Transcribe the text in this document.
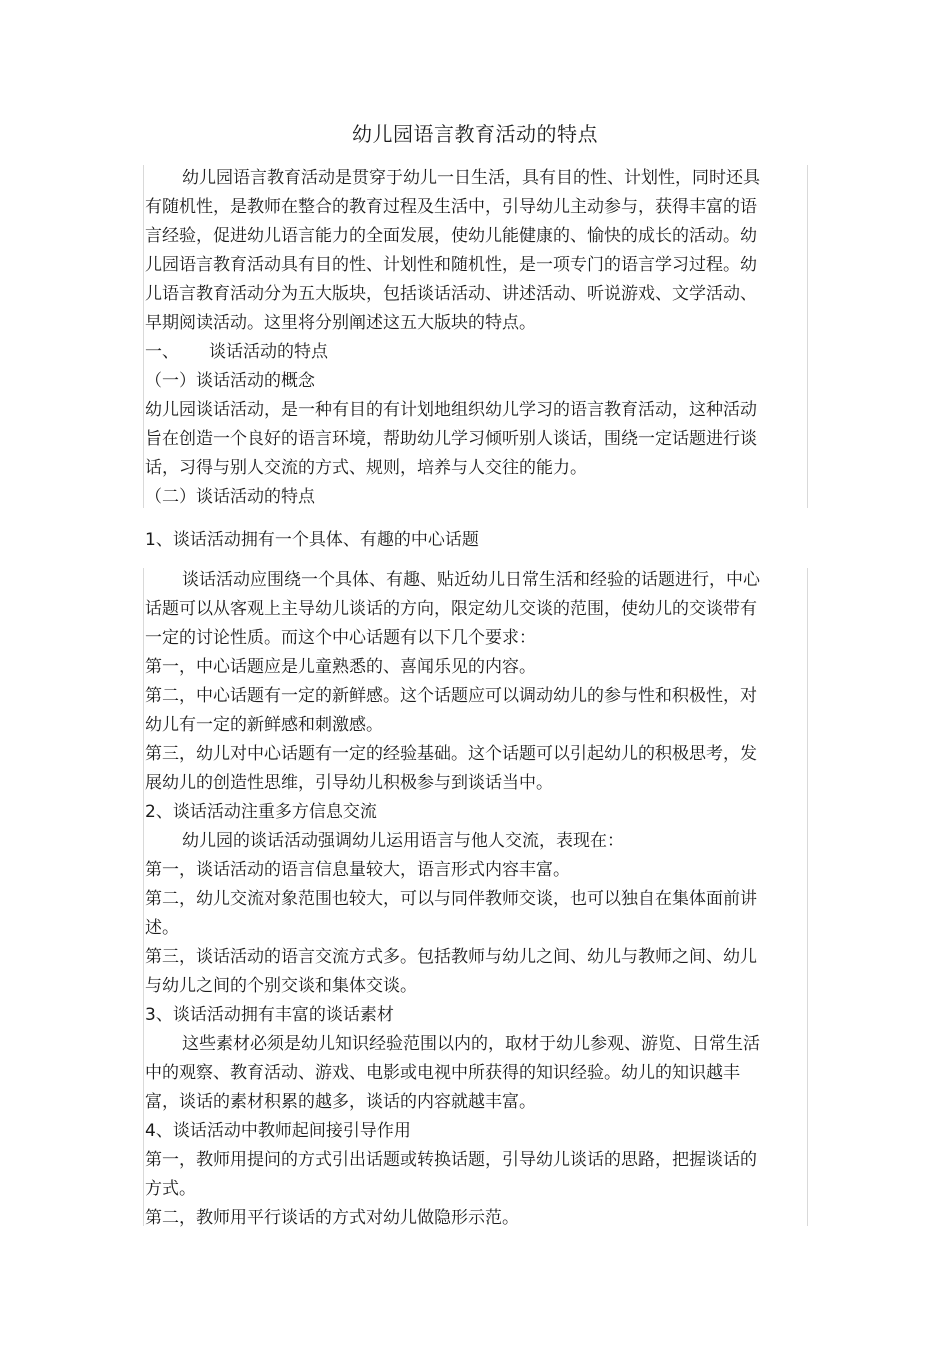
幼儿园语言教育活动的特点

幼儿园语言教育活动是贯穿于幼儿一日生活，具有目的性、计划性，同时还具有随机性，是教师在整合的教育过程及生活中，引导幼儿主动参与，获得丰富的语言经验，促进幼儿语言能力的全面发展，使幼儿能健康的、愉快的成长的活动。幼儿园语言教育活动具有目的性、计划性和随机性，是一项专门的语言学习过程。幼儿语言教育活动分为五大版块，包括谈话活动、讲述活动、听说游戏、文学活动、早期阅读活动。这里将分别阐述这五大版块的特点。

一、 谈话活动的特点

（一）谈话活动的概念

幼儿园谈话活动，是一种有目的有计划地组织幼儿学习的语言教育活动，这种活动旨在创造一个良好的语言环境，帮助幼儿学习倾听别人谈话，围绕一定话题进行谈话，习得与别人交流的方式、规则，培养与人交往的能力。

（二）谈话活动的特点

1、谈话活动拥有一个具体、有趣的中心话题

谈话活动应围绕一个具体、有趣、贴近幼儿日常生活和经验的话题进行，中心话题可以从客观上主导幼儿谈话的方向，限定幼儿交谈的范围，使幼儿的交谈带有一定的讨论性质。而这个中心话题有以下几个要求：

第一，中心话题应是儿童熟悉的、喜闻乐见的内容。

第二，中心话题有一定的新鲜感。这个话题应可以调动幼儿的参与性和积极性，对幼儿有一定的新鲜感和刺激感。

第三，幼儿对中心话题有一定的经验基础。这个话题可以引起幼儿的积极思考，发展幼儿的创造性思维，引导幼儿积极参与到谈话当中。

2、谈话活动注重多方信息交流

幼儿园的谈话活动强调幼儿运用语言与他人交流，表现在：

第一，谈话活动的语言信息量较大，语言形式内容丰富。

第二，幼儿交流对象范围也较大，可以与同伴教师交谈，也可以独自在集体面前讲述。

第三，谈话活动的语言交流方式多。包括教师与幼儿之间、幼儿与教师之间、幼儿与幼儿之间的个别交谈和集体交谈。

3、谈话活动拥有丰富的谈话素材

这些素材必须是幼儿知识经验范围以内的，取材于幼儿参观、游览、日常生活中的观察、教育活动、游戏、电影或电视中所获得的知识经验。幼儿的知识越丰富，谈话的素材积累的越多，谈话的内容就越丰富。

4、谈话活动中教师起间接引导作用

第一，教师用提问的方式引出话题或转换话题，引导幼儿谈话的思路，把握谈话的方式。

第二，教师用平行谈话的方式对幼儿做隐形示范。
